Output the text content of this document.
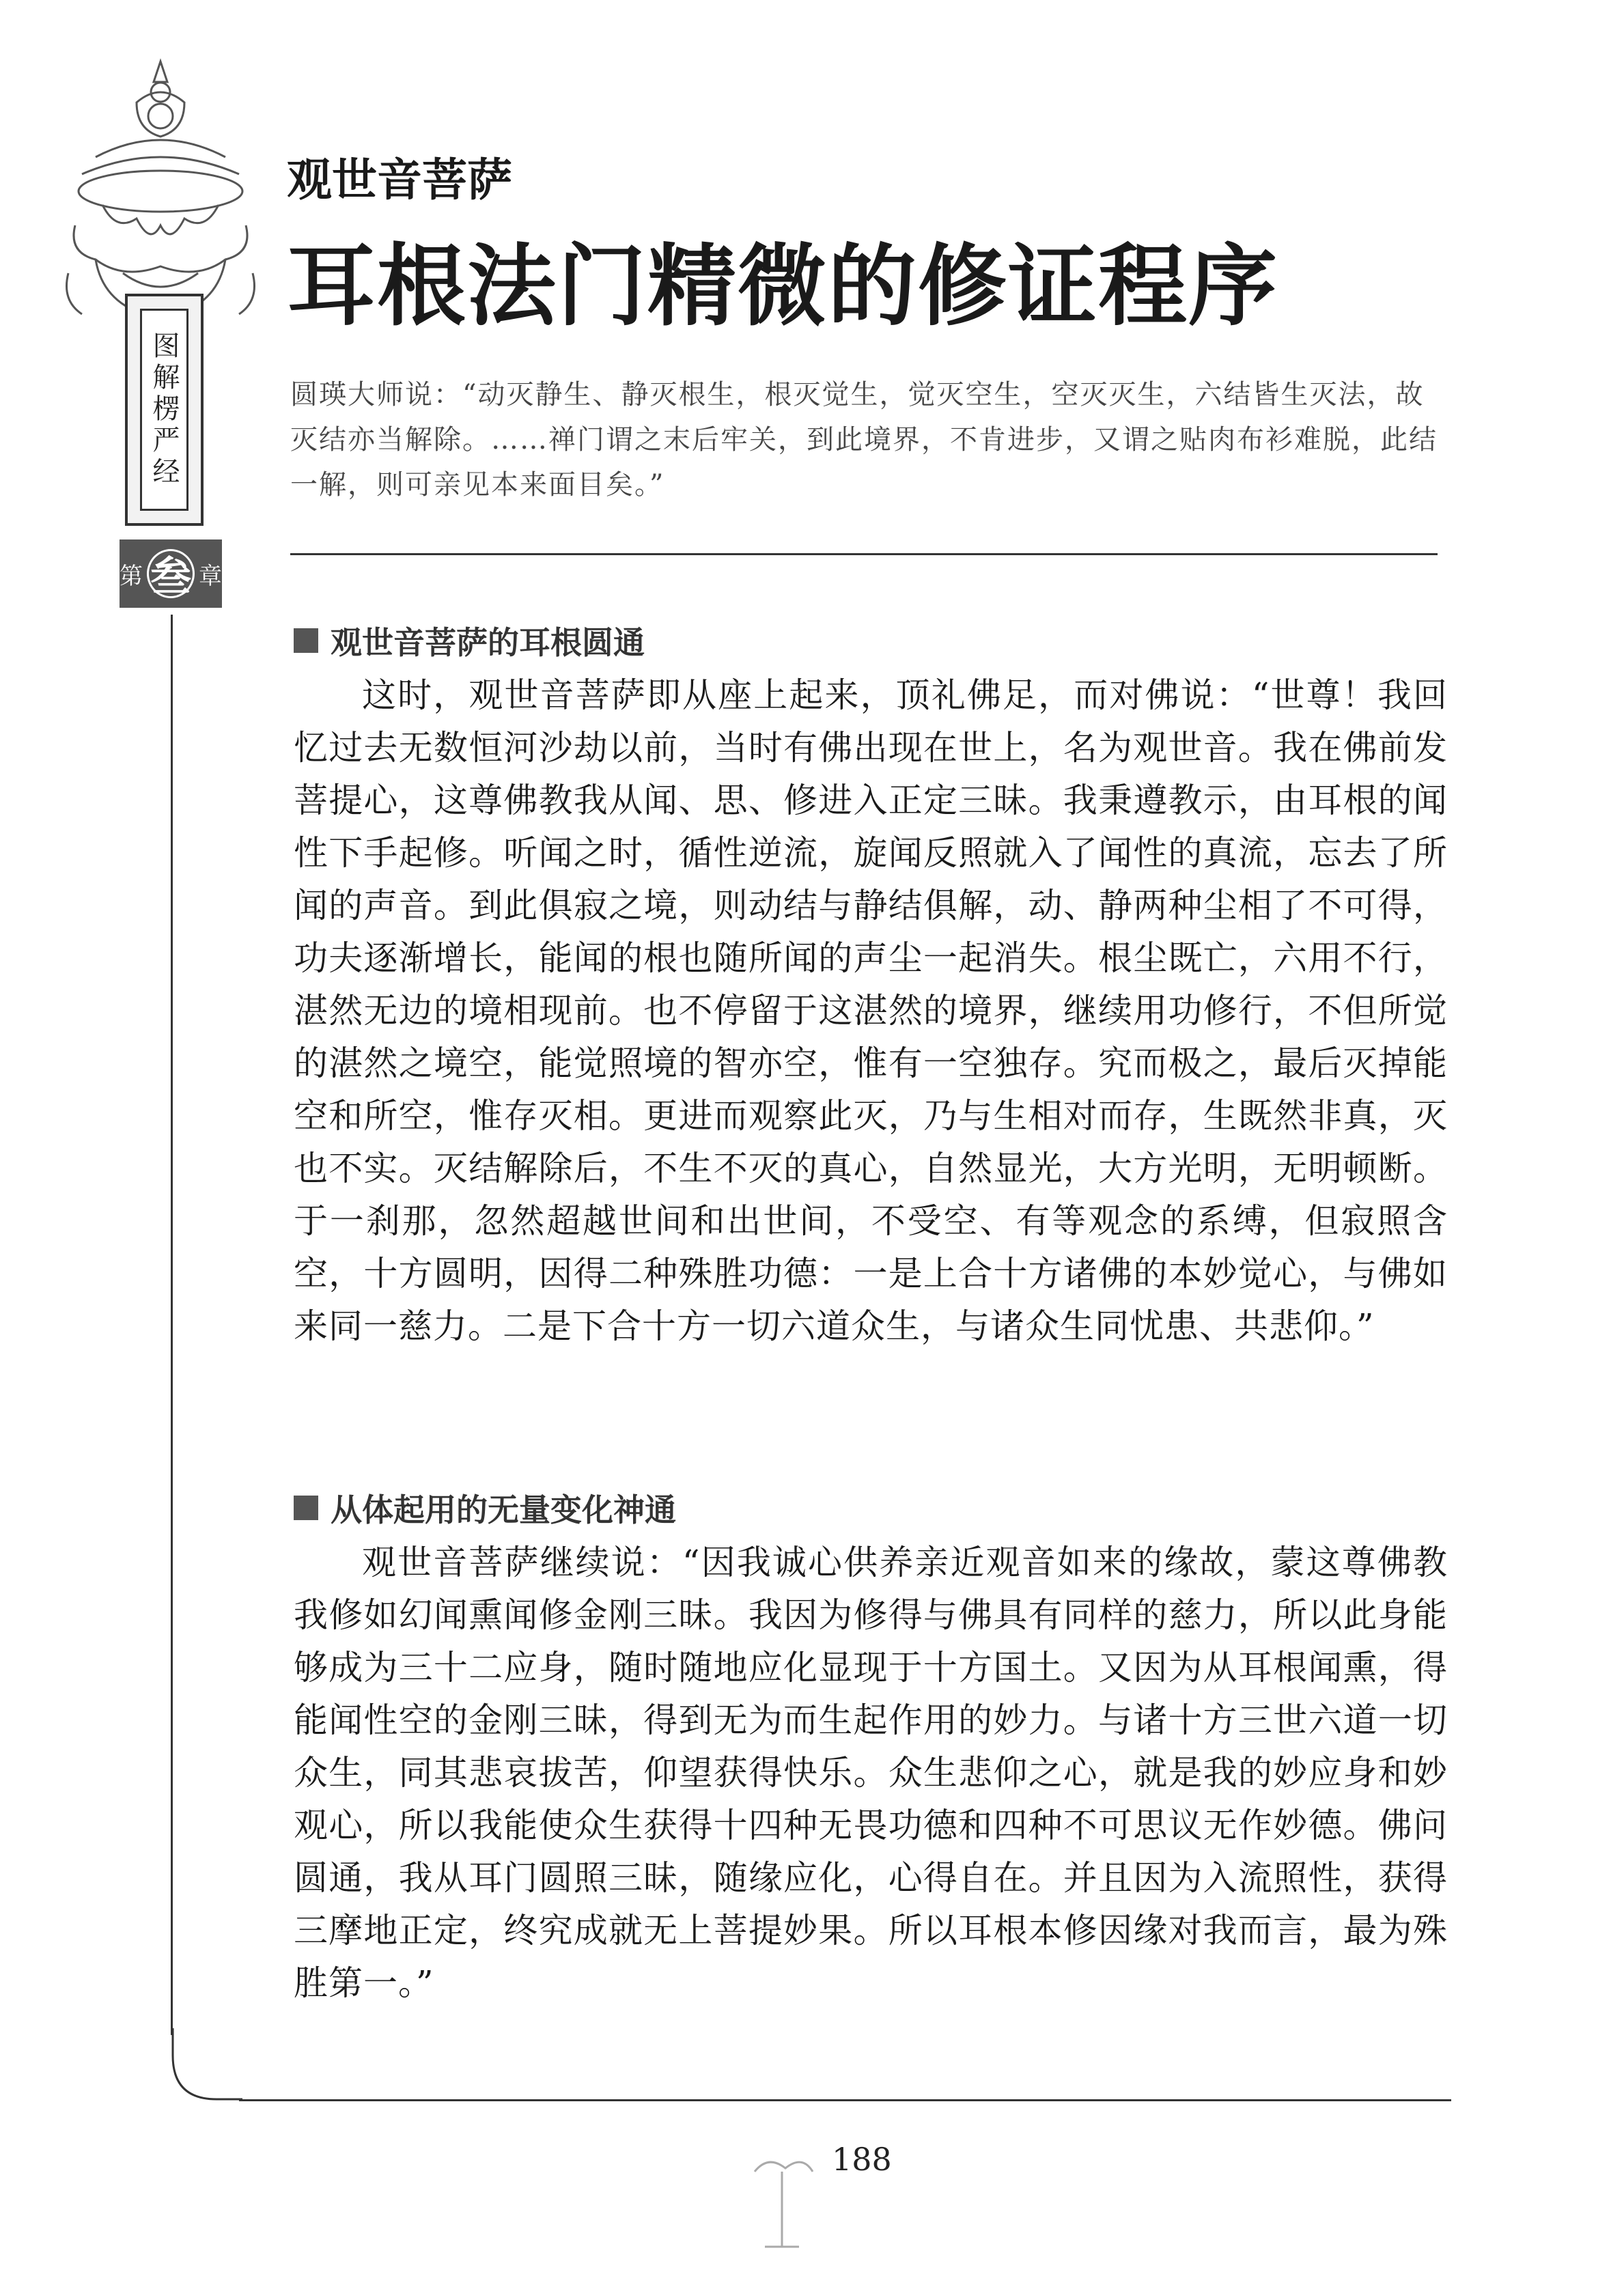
图解楞严经
第 叁 章
观世音菩萨
耳根法门精微的修证程序
圆瑛大师说：“动灭静生、静灭根生，根灭觉生，觉灭空生，空灭灭生，六结皆生灭法，故灭结亦当解除。……禅门谓之末后牢关，到此境界，不肯进步，又谓之贴肉布衫难脱，此结一解，则可亲见本来面目矣。”
观世音菩萨的耳根圆通
这时，观世音菩萨即从座上起来，顶礼佛足，而对佛说：“世尊！我回忆过去无数恒河沙劫以前，当时有佛出现在世上，名为观世音。我在佛前发菩提心，这尊佛教我从闻、思、修进入正定三昧。我秉遵教示，由耳根的闻性下手起修。听闻之时，循性逆流，旋闻反照就入了闻性的真流，忘去了所闻的声音。到此俱寂之境，则动结与静结俱解，动、静两种尘相了不可得，功夫逐渐增长，能闻的根也随所闻的声尘一起消失。根尘既亡，六用不行，湛然无边的境相现前。也不停留于这湛然的境界，继续用功修行，不但所觉的湛然之境空，能觉照境的智亦空，惟有一空独存。究而极之，最后灭掉能空和所空，惟存灭相。更进而观察此灭，乃与生相对而存，生既然非真，灭也不实。灭结解除后，不生不灭的真心，自然显光，大方光明，无明顿断。于一刹那，忽然超越世间和出世间，不受空、有等观念的系缚，但寂照含空，十方圆明，因得二种殊胜功德：一是上合十方诸佛的本妙觉心，与佛如来同一慈力。二是下合十方一切六道众生，与诸众生同忧患、共悲仰。”
从体起用的无量变化神通
观世音菩萨继续说：“因我诚心供养亲近观音如来的缘故，蒙这尊佛教我修如幻闻熏闻修金刚三昧。我因为修得与佛具有同样的慈力，所以此身能够成为三十二应身，随时随地应化显现于十方国土。又因为从耳根闻熏，得能闻性空的金刚三昧，得到无为而生起作用的妙力。与诸十方三世六道一切众生，同其悲哀拔苦，仰望获得快乐。众生悲仰之心，就是我的妙应身和妙观心，所以我能使众生获得十四种无畏功德和四种不可思议无作妙德。佛问圆通，我从耳门圆照三昧，随缘应化，心得自在。并且因为入流照性，获得三摩地正定，终究成就无上菩提妙果。所以耳根本修因缘对我而言，最为殊胜第一。”
188
